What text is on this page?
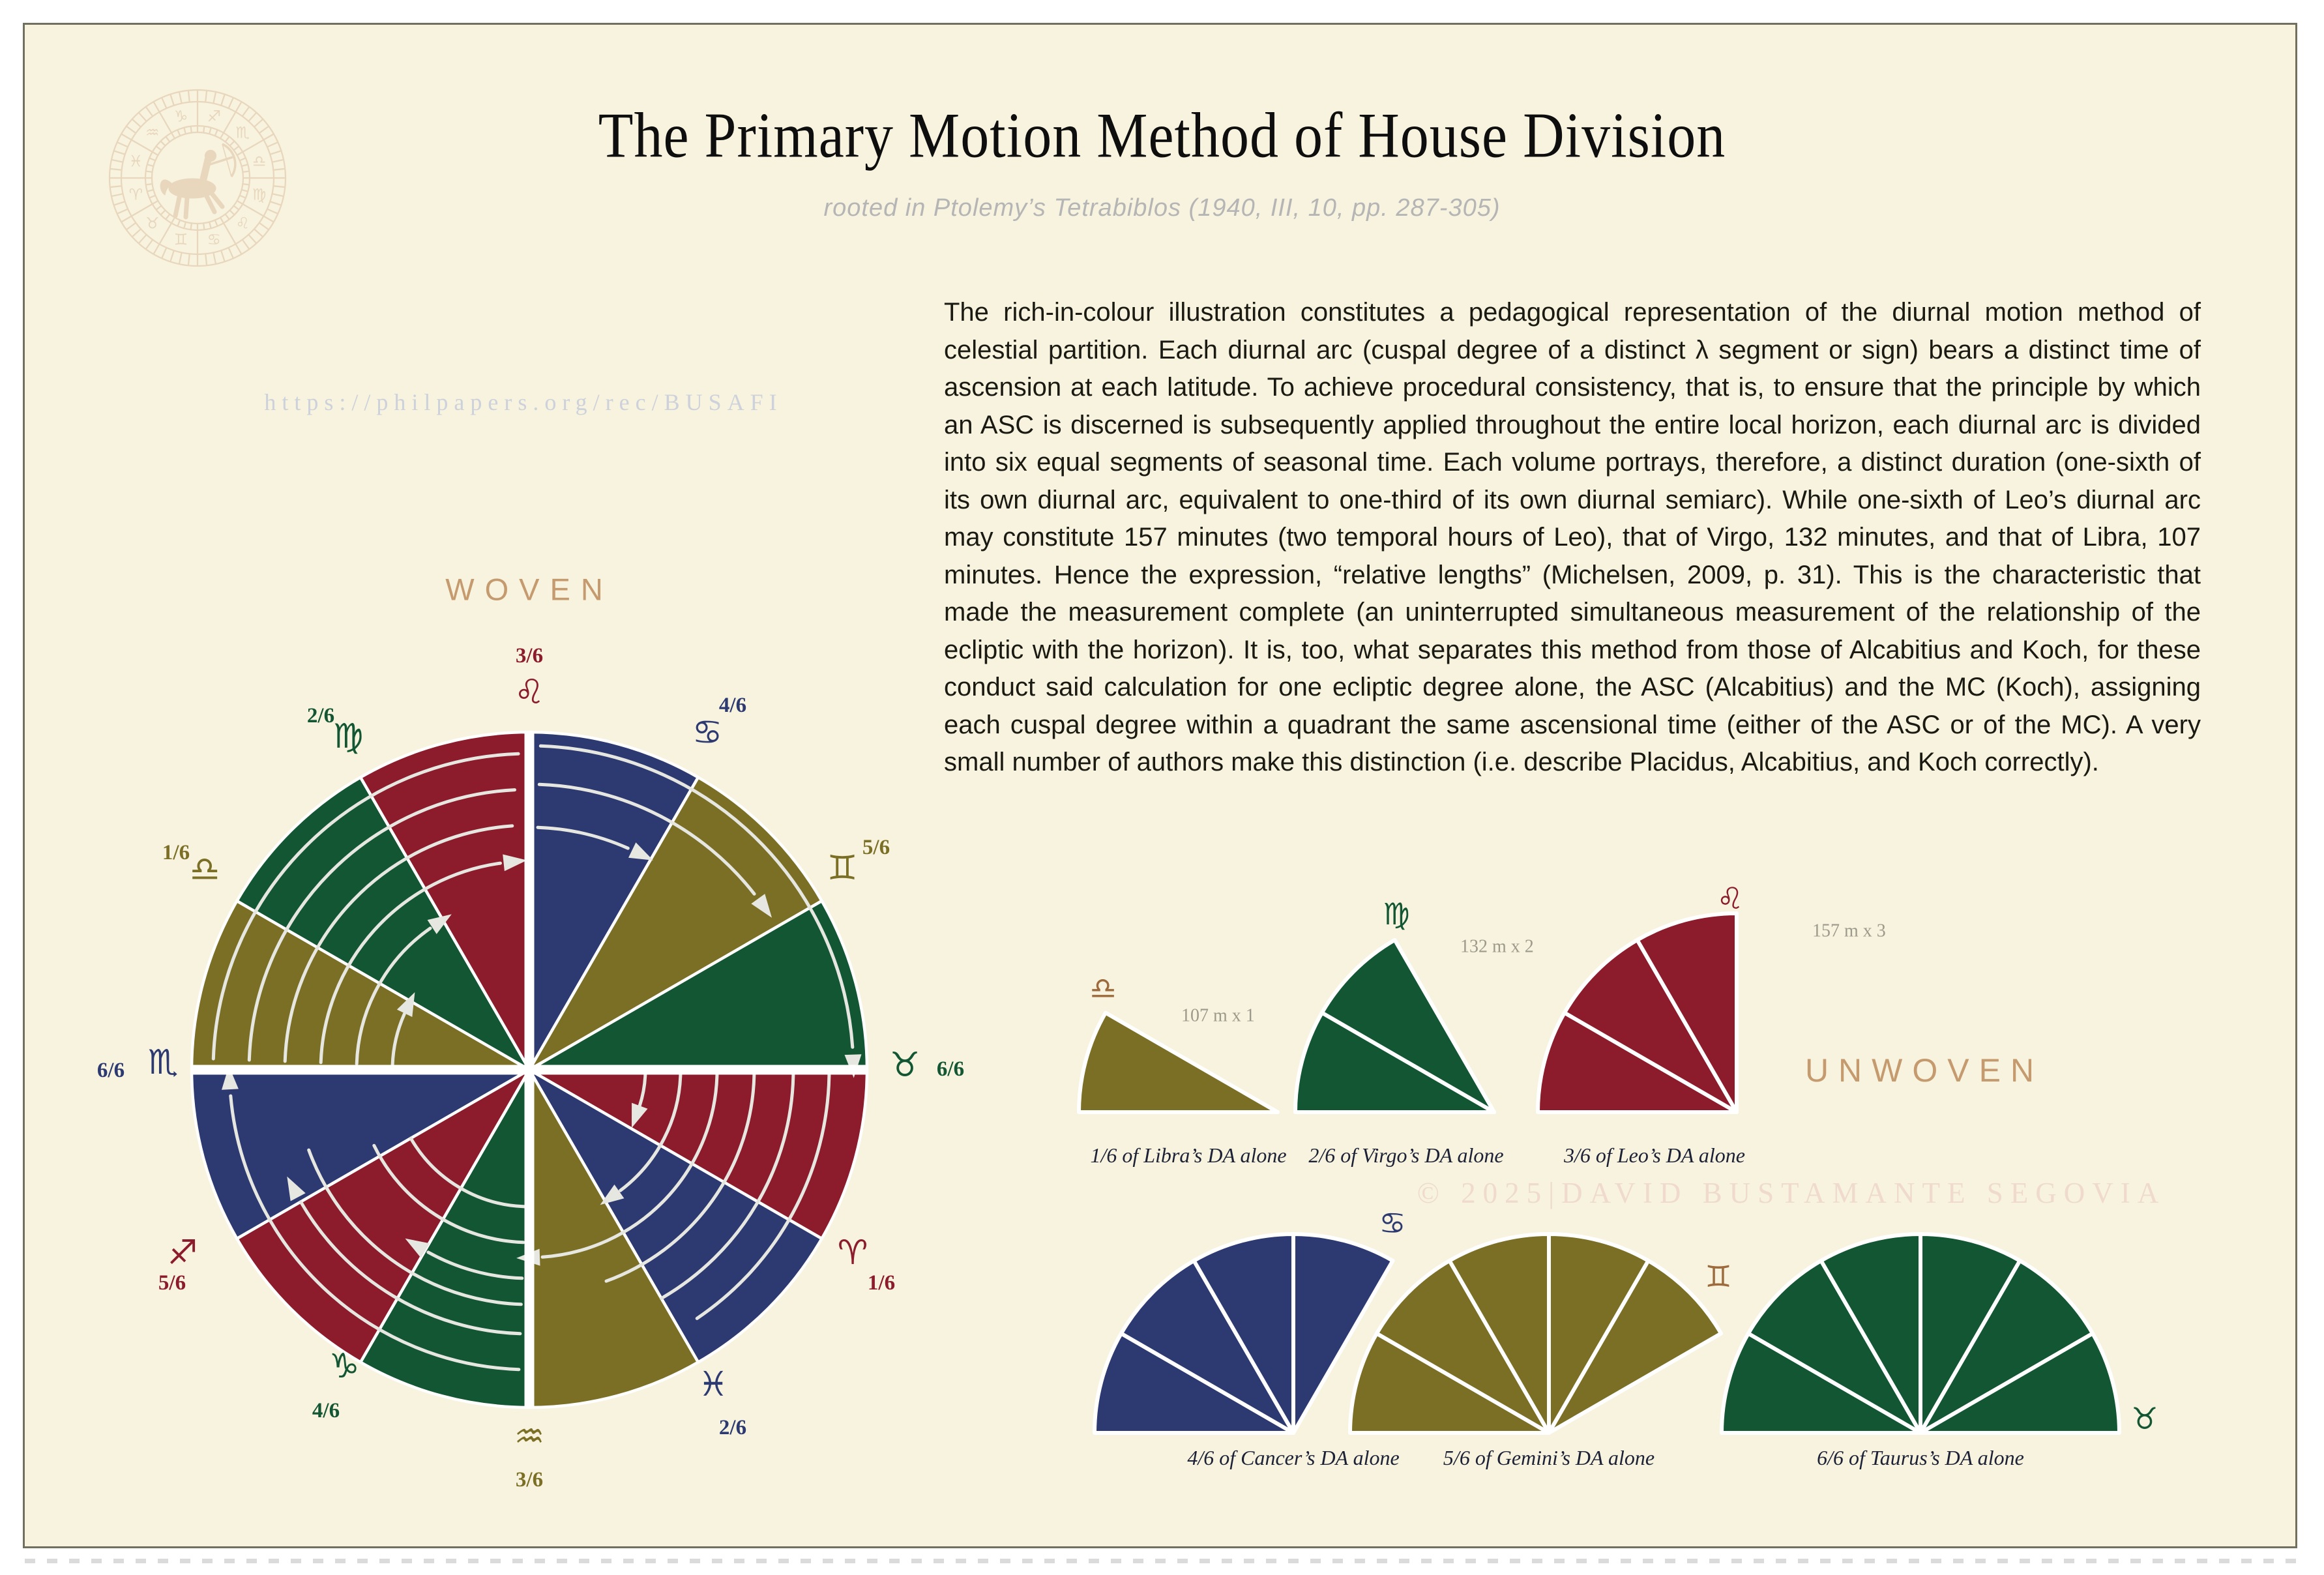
♐
♏
♎
♍
♌
♋
♊
♉
♈
♓
♒
♑
♌
3/6
♋
4/6
♊
5/6
♉ 6/6
♈
1/6
♓
2/6
♒
3/6
♑
4/6
♐
5/6
♏
6/6
♎
1/6
♍
2/6
♎
107 m x 1
1/6 of Libra’s DA alone
♍
132 m x 2
2/6 of Virgo’s DA alone
♌
157 m x 3
3/6 of Leo’s DA alone
♋
4/6 of Cancer’s DA alone
♊
5/6 of Gemini’s DA alone
♉
6/6 of Taurus’s DA alone
The Primary Motion Method of House Division
rooted in Ptolemy’s Tetrabiblos (1940, III, 10, pp. 287-305)
https://philpapers.org/rec/BUSAFI
WOVEN
UNWOVEN
© 2025|DAVID BUSTAMANTE SEGOVIA

The rich-in-colour illustration constitutes a pedagogical representation of the diurnal motion method of celestial partition. Each diurnal arc (cuspal degree of a distinct λ segment or sign) bears a distinct time of ascension at each latitude. To achieve procedural consistency, that is, to ensure that the principle by which an ASC is discerned is subsequently applied throughout the entire local horizon, each diurnal arc is divided into six equal segments of seasonal time. Each volume portrays, therefore, a distinct duration (one-sixth of its own diurnal arc, equivalent to one-third of its own diurnal semiarc). While one-sixth of Leo’s diurnal arc may constitute 157 minutes (two temporal hours of Leo), that of Virgo, 132 minutes, and that of Libra, 107 minutes. Hence the expression, “relative lengths” (Michelsen, 2009, p. 31). This is the characteristic that made the measurement complete (an uninterrupted simultaneous measurement of the relationship of the ecliptic with the horizon). It is, too, what separates this method from those of Alcabitius and Koch, for these conduct said calculation for one ecliptic degree alone, the ASC (Alcabitius) and the MC (Koch), assigning each cuspal degree within a quadrant the same ascensional time (either of the ASC or of the MC). A very small number of authors make this distinction (i.e. describe Placidus, Alcabitius, and Koch correctly).
